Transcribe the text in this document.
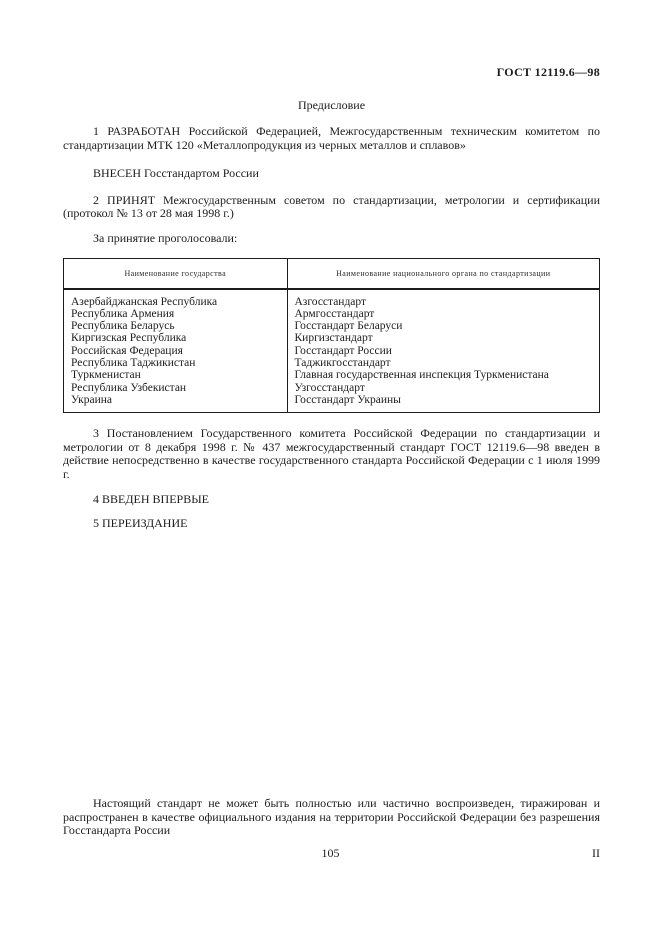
ГОСТ 12119.6—98
Предисловие

1 РАЗРАБОТАН Российской Федерацией, Межгосударственным техническим комитетом по стандартизации МТК 120 «Металлопродукция из черных металлов и сплавов»

ВНЕСЕН Госстандартом России

2 ПРИНЯТ Межгосударственным советом по стандартизации, метрологии и сертификации (протокол № 13 от 28 мая 1998 г.)

За принятие проголосовали:

Наименование государства	Наименование национального органа по стандартизации
Азербайджанская Республика	Азгосстандарт
Республика Армения	Армгосстандарт
Республика Беларусь	Госстандарт Беларуси
Киргизская Республика	Киргизстандарт
Российская Федерация	Госстандарт России
Республика Таджикистан	Таджикгосстандарт
Туркменистан	Главная государственная инспекция Туркменистана
Республика Узбекистан	Узгосстандарт
Украина	Госстандарт Украины

3 Постановлением Государственного комитета Российской Федерации по стандартизации и метрологии от 8 декабря 1998 г. № 437 межгосударственный стандарт ГОСТ 12119.6—98 введен в действие непосредственно в качестве государственного стандарта Российской Федерации с 1 июля 1999 г.

4 ВВЕДЕН ВПЕРВЫЕ

5 ПЕРЕИЗДАНИЕ

Настоящий стандарт не может быть полностью или частично воспроизведен, тиражирован и распространен в качестве официального издания на территории Российской Федерации без разрешения Госстандарта России

105	II
